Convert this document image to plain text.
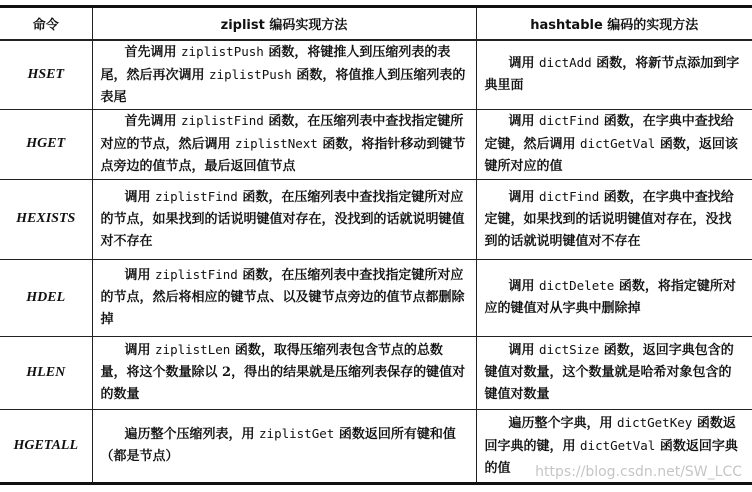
命令	ziplist 编码实现方法	hashtable 编码的实现方法
HSET	首先调用 ziplistPush 函数，将键推人到压缩列表的表尾，然后再次调用 ziplistPush 函数，将值推人到压缩列表的表尾	调用 dictAdd 函数，将新节点添加到字典里面
HGET	首先调用 ziplistFind 函数，在压缩列表中查找指定键所对应的节点，然后调用 ziplistNext 函数，将指针移动到键节点旁边的值节点，最后返回值节点	调用 dictFind 函数，在字典中查找给定键，然后调用 dictGetVal 函数，返回该键所对应的值
HEXISTS	调用 ziplistFind 函数，在压缩列表中查找指定键所对应的节点，如果找到的话说明键值对存在，没找到的话就说明键值对不存在	调用 dictFind 函数，在字典中查找给定键，如果找到的话说明键值对存在，没找到的话就说明键值对不存在
HDEL	调用 ziplistFind 函数，在压缩列表中查找指定键所对应的节点，然后将相应的键节点、以及键节点旁边的值节点都删除掉	调用 dictDelete 函数，将指定键所对应的键值对从字典中删除掉
HLEN	调用 ziplistLen 函数，取得压缩列表包含节点的总数量，将这个数量除以 2，得出的结果就是压缩列表保存的键值对的数量	调用 dictSize 函数，返回字典包含的键值对数量，这个数量就是哈希对象包含的键值对数量
HGETALL	遍历整个压缩列表，用 ziplistGet 函数返回所有键和值（都是节点）	遍历整个字典，用 dictGetKey 函数返回字典的键，用 dictGetVal 函数返回字典的值 https://blog.csdn.net/SW_LCC
